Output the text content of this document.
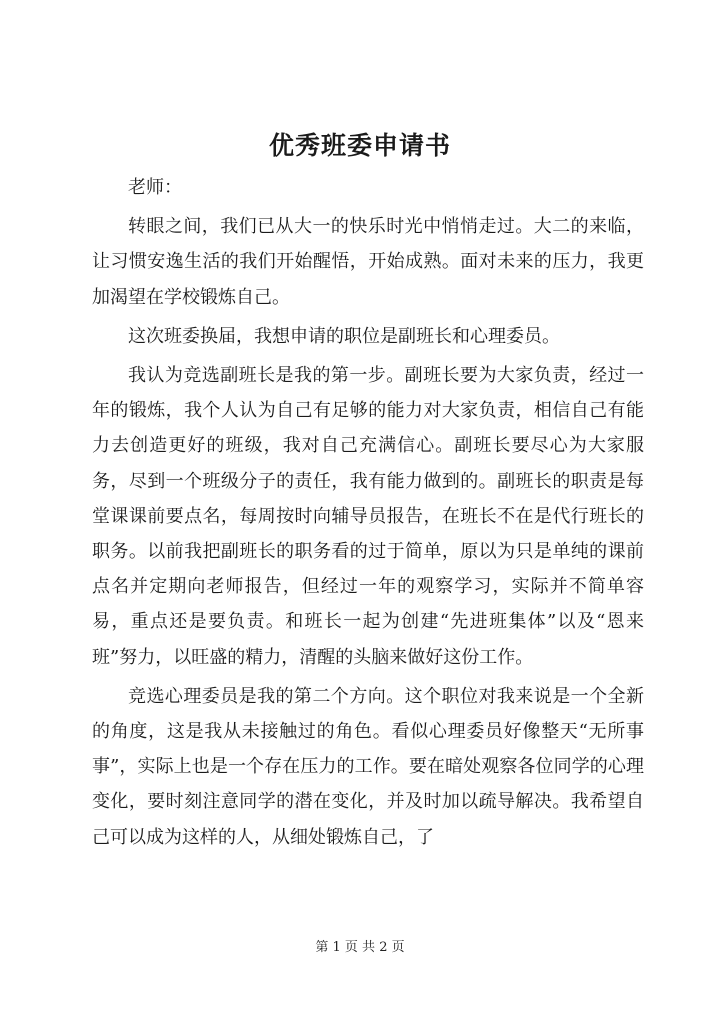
优秀班委申请书

老师：

转眼之间，我们已从大一的快乐时光中悄悄走过。大二的来临，让习惯安逸生活的我们开始醒悟，开始成熟。面对未来的压力，我更加渴望在学校锻炼自己。

这次班委换届，我想申请的职位是副班长和心理委员。

我认为竞选副班长是我的第一步。副班长要为大家负责，经过一年的锻炼，我个人认为自己有足够的能力对大家负责，相信自己有能力去创造更好的班级，我对自己充满信心。副班长要尽心为大家服务，尽到一个班级分子的责任，我有能力做到的。副班长的职责是每堂课课前要点名，每周按时向辅导员报告，在班长不在是代行班长的职务。以前我把副班长的职务看的过于简单，原以为只是单纯的课前点名并定期向老师报告，但经过一年的观察学习，实际并不简单容易，重点还是要负责。和班长一起为创建“先进班集体”以及“恩来班”努力，以旺盛的精力，清醒的头脑来做好这份工作。

竞选心理委员是我的第二个方向。这个职位对我来说是一个全新的角度，这是我从未接触过的角色。看似心理委员好像整天“无所事事”，实际上也是一个存在压力的工作。要在暗处观察各位同学的心理变化，要时刻注意同学的潜在变化，并及时加以疏导解决。我希望自己可以成为这样的人，从细处锻炼自己，了

第 1 页 共 2 页
